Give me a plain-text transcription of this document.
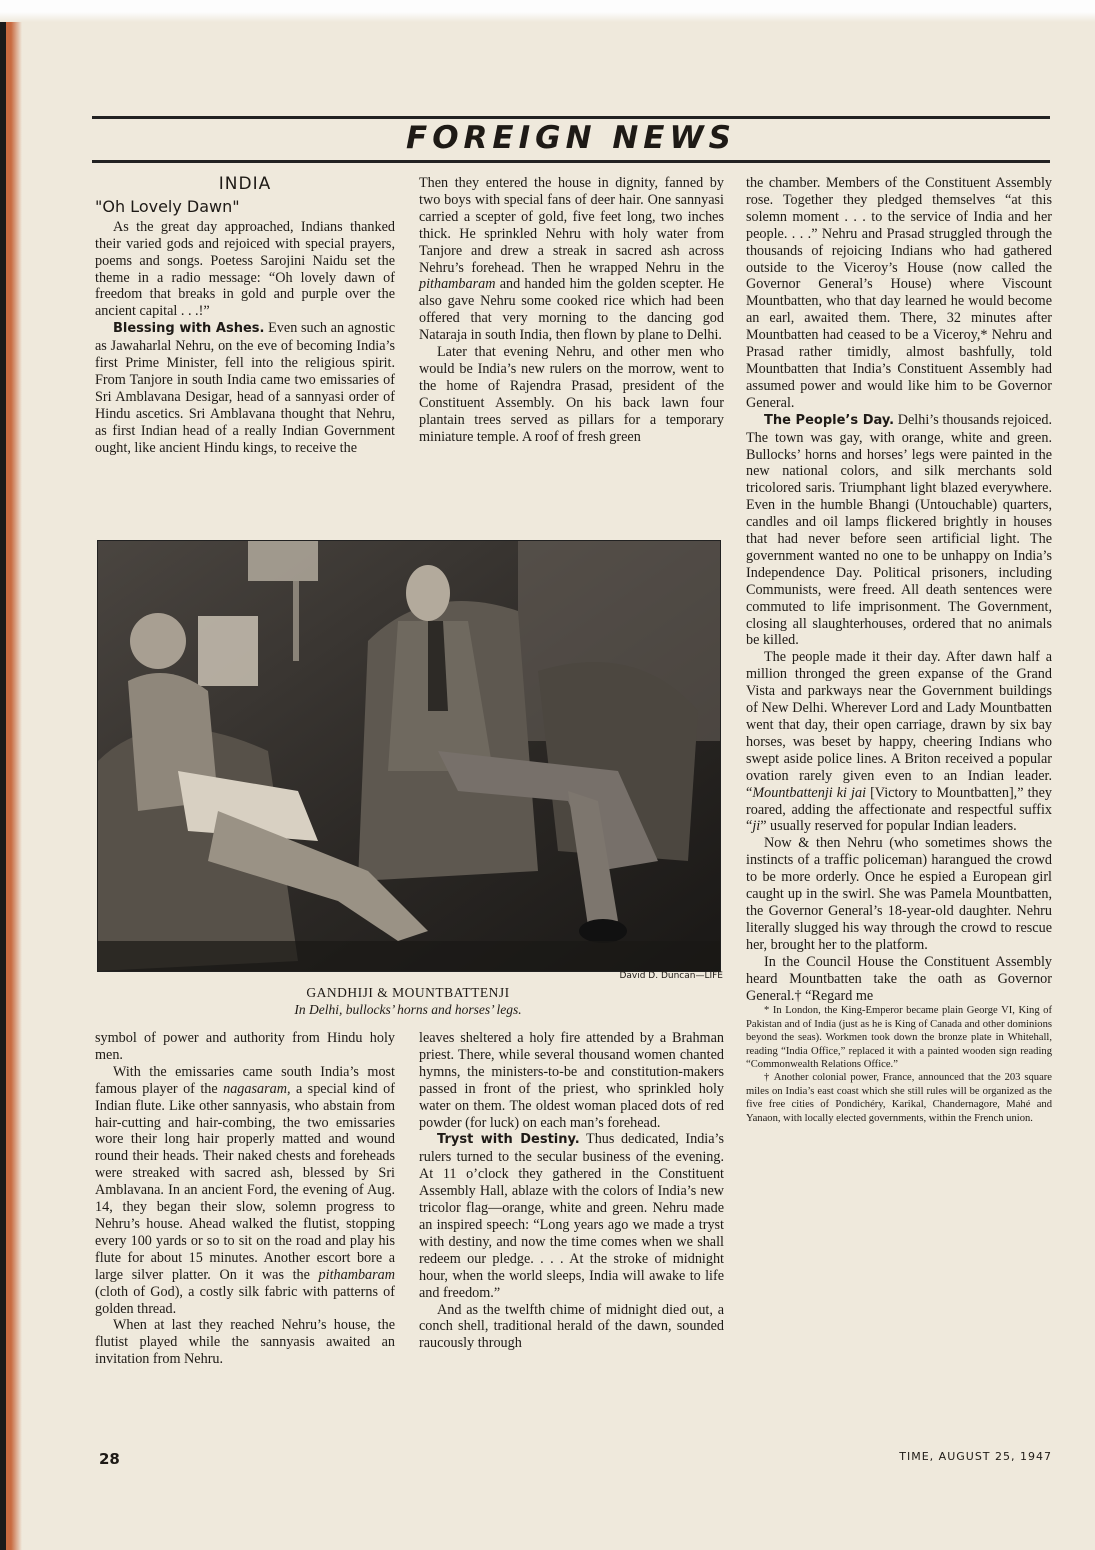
FOREIGN NEWS
INDIA
"Oh Lovely Dawn"

As the great day approached, Indians thanked their varied gods and rejoiced with special prayers, poems and songs. Poetess Sarojini Naidu set the theme in a radio message: “Oh lovely dawn of freedom that breaks in gold and purple over the ancient capital . . .!”

Blessing with Ashes. Even such an agnostic as Jawaharlal Nehru, on the eve of becoming India’s first Prime Minister, fell into the religious spirit. From Tanjore in south India came two emissaries of Sri Amblavana Desigar, head of a sannyasi order of Hindu ascetics. Sri Amblavana thought that Nehru, as first Indian head of a really Indian Government ought, like ancient Hindu kings, to receive the

Then they entered the house in dignity, fanned by two boys with special fans of deer hair. One sannyasi carried a scepter of gold, five feet long, two inches thick. He sprinkled Nehru with holy water from Tanjore and drew a streak in sacred ash across Nehru’s forehead. Then he wrapped Nehru in the pithambaram and handed him the golden scepter. He also gave Nehru some cooked rice which had been offered that very morning to the dancing god Nataraja in south India, then flown by plane to Delhi.

Later that evening Nehru, and other men who would be India’s new rulers on the morrow, went to the home of Rajendra Prasad, president of the Constituent Assembly. On his back lawn four plantain trees served as pillars for a temporary miniature temple. A roof of fresh green

the chamber. Members of the Constituent Assembly rose. Together they pledged themselves “at this solemn moment . . . to the service of India and her people. . . .” Nehru and Prasad struggled through the thousands of rejoicing Indians who had gathered outside to the Viceroy’s House (now called the Governor General’s House) where Viscount Mountbatten, who that day learned he would become an earl, awaited them. There, 32 minutes after Mountbatten had ceased to be a Viceroy,* Nehru and Prasad rather timidly, almost bashfully, told Mountbatten that India’s Constituent Assembly had assumed power and would like him to be Governor General.

The People’s Day. Delhi’s thousands rejoiced. The town was gay, with orange, white and green. Bullocks’ horns and horses’ legs were painted in the new national colors, and silk merchants sold tricolored saris. Triumphant light blazed everywhere. Even in the humble Bhangi (Untouchable) quarters, candles and oil lamps flickered brightly in houses that had never before seen artificial light. The government wanted no one to be unhappy on India’s Independence Day. Political prisoners, including Communists, were freed. All death sentences were commuted to life imprisonment. The Government, closing all slaughterhouses, ordered that no animals be killed.

The people made it their day. After dawn half a million thronged the green expanse of the Grand Vista and parkways near the Government buildings of New Delhi. Wherever Lord and Lady Mountbatten went that day, their open carriage, drawn by six bay horses, was beset by happy, cheering Indians who swept aside police lines. A Briton received a popular ovation rarely given even to an Indian leader. “Mountbattenji ki jai [Victory to Mountbatten],” they roared, adding the affectionate and respectful suffix “ji” usually reserved for popular Indian leaders.

Now & then Nehru (who sometimes shows the instincts of a traffic policeman) harangued the crowd to be more orderly. Once he espied a European girl caught up in the swirl. She was Pamela Mountbatten, the Governor General’s 18-year-old daughter. Nehru literally slugged his way through the crowd to rescue her, brought her to the platform.

In the Council House the Constituent Assembly heard Mountbatten take the oath as Governor General.† “Regard me

* In London, the King-Emperor became plain George VI, King of Pakistan and of India (just as he is King of Canada and other dominions beyond the seas). Workmen took down the bronze plate in Whitehall, reading “India Office,” replaced it with a painted wooden sign reading “Commonwealth Relations Office.”

† Another colonial power, France, announced that the 203 square miles on India’s east coast which she still rules will be organized as the five free cities of Pondichéry, Karikal, Chandernagore, Mahé and Yanaon, with locally elected governments, within the French union.

David D. Duncan—LIFE
GANDHIJI & MOUNTBATTENJI
In Delhi, bullocks’ horns and horses’ legs.

symbol of power and authority from Hindu holy men.

With the emissaries came south India’s most famous player of the nagasaram, a special kind of Indian flute. Like other sannyasis, who abstain from hair-cutting and hair-combing, the two emissaries wore their long hair properly matted and wound round their heads. Their naked chests and foreheads were streaked with sacred ash, blessed by Sri Amblavana. In an ancient Ford, the evening of Aug. 14, they began their slow, solemn progress to Nehru’s house. Ahead walked the flutist, stopping every 100 yards or so to sit on the road and play his flute for about 15 minutes. Another escort bore a large silver platter. On it was the pithambaram (cloth of God), a costly silk fabric with patterns of golden thread.

When at last they reached Nehru’s house, the flutist played while the sannyasis awaited an invitation from Nehru.

leaves sheltered a holy fire attended by a Brahman priest. There, while several thousand women chanted hymns, the ministers-to-be and constitution-makers passed in front of the priest, who sprinkled holy water on them. The oldest woman placed dots of red powder (for luck) on each man’s forehead.

Tryst with Destiny. Thus dedicated, India’s rulers turned to the secular business of the evening. At 11 o’clock they gathered in the Constituent Assembly Hall, ablaze with the colors of India’s new tricolor flag—orange, white and green. Nehru made an inspired speech: “Long years ago we made a tryst with destiny, and now the time comes when we shall redeem our pledge. . . . At the stroke of midnight hour, when the world sleeps, India will awake to life and freedom.”

And as the twelfth chime of midnight died out, a conch shell, traditional herald of the dawn, sounded raucously through

28	TIME, AUGUST 25, 1947
